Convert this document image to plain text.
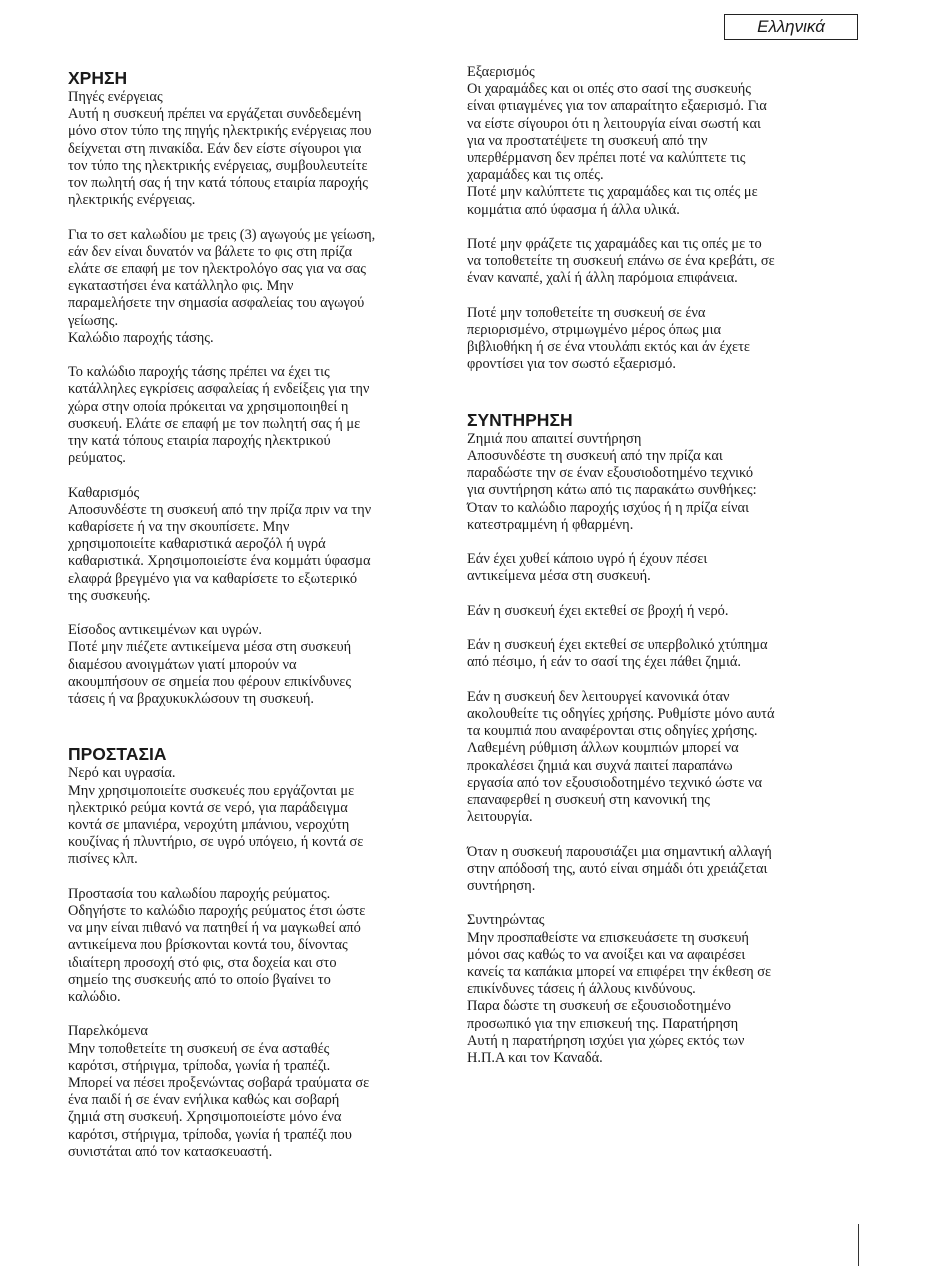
Ελληνικά
ΧΡΗΣΗ

Πηγές ενέργειας
Αυτή η συσκευή πρέπει να εργάζεται συνδεδεμένη
μόνο στον τύπο της πηγής ηλεκτρικής ενέργειας που
δείχνεται στη πινακίδα. Εάν δεν είστε σίγουροι για
τον τύπο της ηλεκτρικής ενέργειας, συμβουλευτείτε
τον πωλητή σας ή την κατά τόπους εταιρία παροχής
ηλεκτρικής ενέργειας.

Για το σετ καλωδίου με τρεις (3) αγωγούς με γείωση,
εάν δεν είναι δυνατόν να βάλετε το φις στη πρίζα
ελάτε σε επαφή με τον ηλεκτρολόγο σας για να σας
εγκαταστήσει ένα κατάλληλο φις. Μην
παραμελήσετε την σημασία ασφαλείας του αγωγού
γείωσης.
Καλώδιο παροχής τάσης.

Το καλώδιο παροχής τάσης πρέπει να έχει τις
κατάλληλες εγκρίσεις ασφαλείας ή ενδείξεις για την
χώρα στην οποία πρόκειται να χρησιμοποιηθεί η
συσκευή. Ελάτε σε επαφή με τον πωλητή σας ή με
την κατά τόπους εταιρία παροχής ηλεκτρικού
ρεύματος.

Καθαρισμός
Αποσυνδέστε τη συσκευή από την πρίζα πριν να την
καθαρίσετε ή να την σκουπίσετε. Μην
χρησιμοποιείτε καθαριστικά αεροζόλ ή υγρά
καθαριστικά. Χρησιμοποιείστε ένα κομμάτι ύφασμα
ελαφρά βρεγμένο για να καθαρίσετε το εξωτερικό
της συσκευής.

Είσοδος αντικειμένων και υγρών.
Ποτέ μην πιέζετε αντικείμενα μέσα στη συσκευή
διαμέσου ανοιγμάτων γιατί μπορούν να
ακουμπήσουν σε σημεία που φέρουν επικίνδυνες
τάσεις ή να βραχυκυκλώσουν τη συσκευή.

ΠΡΟΣΤΑΣΙΑ

Νερό και υγρασία.
Μην χρησιμοποιείτε συσκευές που εργάζονται με
ηλεκτρικό ρεύμα κοντά σε νερό, για παράδειγμα
κοντά σε μπανιέρα, νεροχύτη μπάνιου, νεροχύτη
κουζίνας ή πλυντήριο, σε υγρό υπόγειο, ή κοντά σε
πισίνες κλπ.

Προστασία του καλωδίου παροχής ρεύματος.
Οδηγήστε το καλώδιο παροχής ρεύματος έτσι ώστε
να μην είναι πιθανό να πατηθεί ή να μαγκωθεί από
αντικείμενα που βρίσκονται κοντά του, δίνοντας
ιδιαίτερη προσοχή στό φις, στα δοχεία και στο
σημείο της συσκευής από το οποίο βγαίνει το
καλώδιο.

Παρελκόμενα
Μην τοποθετείτε τη συσκευή σε ένα ασταθές
καρότσι, στήριγμα, τρίποδα, γωνία ή τραπέζι.
Μπορεί να πέσει προξενώντας σοβαρά τραύματα σε
ένα παιδί ή σε έναν ενήλικα καθώς και σοβαρή
ζημιά στη συσκευή. Χρησιμοποιείστε μόνο ένα
καρότσι, στήριγμα, τρίποδα, γωνία ή τραπέζι που
συνιστάται από τον κατασκευαστή.

Εξαερισμός
Οι χαραμάδες και οι οπές στο σασί της συσκευής
είναι φτιαγμένες για τον απαραίτητο εξαερισμό. Για
να είστε σίγουροι ότι η λειτουργία είναι σωστή και
για να προστατέψετε τη συσκευή από την
υπερθέρμανση δεν πρέπει ποτέ να καλύπτετε τις
χαραμάδες και τις οπές.
Ποτέ μην καλύπτετε τις χαραμάδες και τις οπές με
κομμάτια από ύφασμα ή άλλα υλικά.

Ποτέ μην φράζετε τις χαραμάδες και τις οπές με το
να τοποθετείτε τη συσκευή επάνω σε ένα κρεβάτι, σε
έναν καναπέ, χαλί ή άλλη παρόμοια επιφάνεια.

Ποτέ μην τοποθετείτε τη συσκευή σε ένα
περιορισμένο, στριμωγμένο μέρος όπως μια
βιβλιοθήκη ή σε ένα ντουλάπι εκτός και άν έχετε
φροντίσει για τον σωστό εξαερισμό.

ΣΥΝΤΗΡΗΣΗ

Ζημιά που απαιτεί συντήρηση
Αποσυνδέστε τη συσκευή από την πρίζα και
παραδώστε την σε έναν εξουσιοδοτημένο τεχνικό
για συντήρηση κάτω από τις παρακάτω συνθήκες:
Όταν το καλώδιο παροχής ισχύος ή η πρίζα είναι
κατεστραμμένη ή φθαρμένη.

Εάν έχει χυθεί κάποιο υγρό ή έχουν πέσει
αντικείμενα μέσα στη συσκευή.

Εάν η συσκευή έχει εκτεθεί σε βροχή ή νερό.

Εάν η συσκευή έχει εκτεθεί σε υπερβολικό χτύπημα
από πέσιμο, ή εάν το σασί της έχει πάθει ζημιά.

Εάν η συσκευή δεν λειτουργεί κανονικά όταν
ακολουθείτε τις οδηγίες χρήσης. Ρυθμίστε μόνο αυτά
τα κουμπιά που αναφέρονται στις οδηγίες χρήσης.
Λαθεμένη ρύθμιση άλλων κουμπιών μπορεί να
προκαλέσει ζημιά και συχνά παιτεί παραπάνω
εργασία από τον εξουσιοδοτημένο τεχνικό ώστε να
επαναφερθεί η συσκευή στη κανονική της
λειτουργία.

Όταν η συσκευή παρουσιάζει μια σημαντική αλλαγή
στην απόδοσή της, αυτό είναι σημάδι ότι χρειάζεται
συντήρηση.

Συντηρώντας
Μην προσπαθείστε να επισκευάσετε τη συσκευή
μόνοι σας καθώς το να ανοίξει και να αφαιρέσει
κανείς τα καπάκια μπορεί να επιφέρει την έκθεση σε
επικίνδυνες τάσεις ή άλλους κινδύνους.
Παρα δώστε τη συσκευή σε εξουσιοδοτημένο
προσωπικό για την επισκευή της. Παρατήρηση
Αυτή η παρατήρηση ισχύει για χώρες εκτός των
Η.Π.Α και τον Καναδά.
